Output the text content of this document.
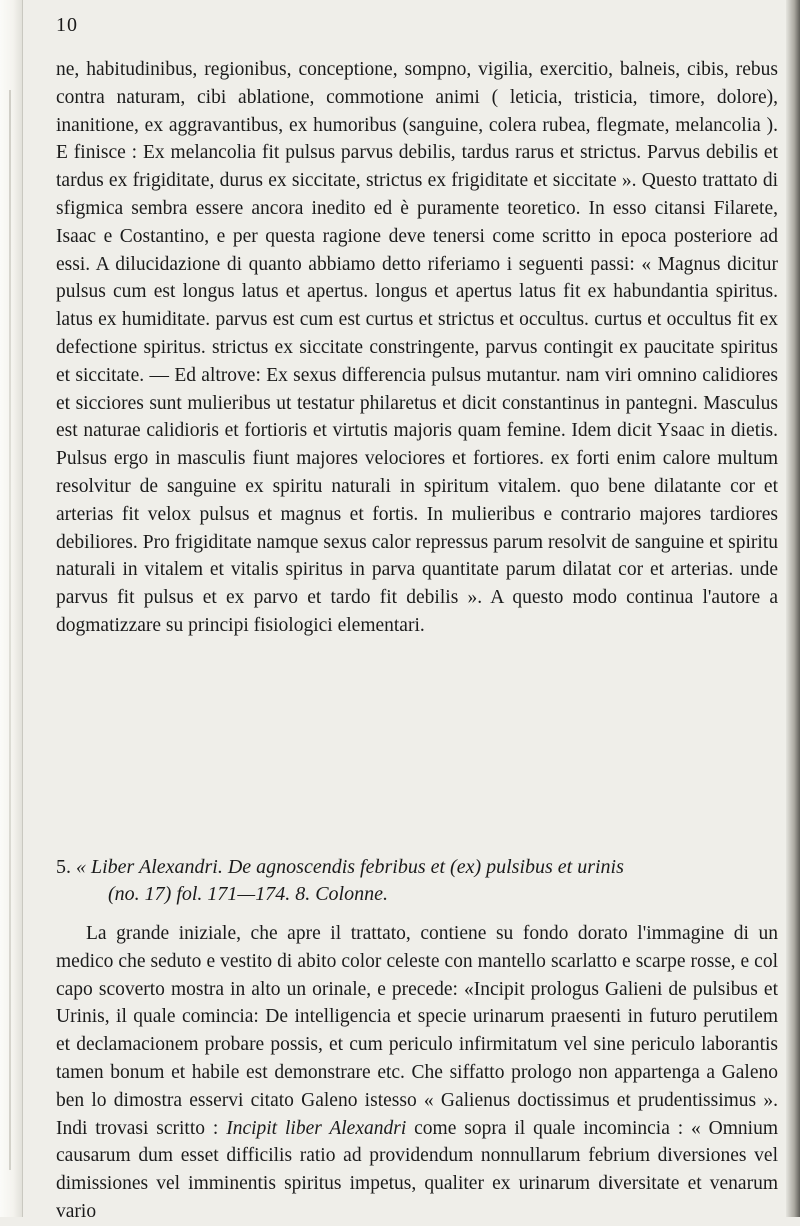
10

ne, habitudinibus, regionibus, conceptione, sompno, vigilia, exercitio, balneis, cibis, rebus contra naturam, cibi ablatione, commotione animi ( leticia, tristicia, timore, dolore), inanitione, ex aggravantibus, ex humoribus (sanguine, colera rubea, flegmate, melancolia ). E finisce : Ex melancolia fit pulsus parvus debilis, tardus rarus et strictus. Parvus debilis et tardus ex frigiditate, durus ex siccitate, strictus ex frigiditate et siccitate ». Questo trattato di sfigmica sembra essere ancora inedito ed è puramente teoretico. In esso citansi Filarete, Isaac e Costantino, e per questa ragione deve tenersi come scritto in epoca posteriore ad essi. A dilucidazione di quanto abbiamo detto riferiamo i seguenti passi: « Magnus dicitur pulsus cum est longus latus et apertus. longus et apertus latus fit ex habundantia spiritus. latus ex humiditate. parvus est cum est curtus et strictus et occultus. curtus et occultus fit ex defectione spiritus. strictus ex siccitate constringente, parvus contingit ex paucitate spiritus et siccitate. — Ed altrove: Ex sexus differencia pulsus mutantur. nam viri omnino calidiores et sicciores sunt mulieribus ut testatur philaretus et dicit constantinus in pantegni. Masculus est naturae calidioris et fortioris et virtutis majoris quam femine. Idem dicit Ysaac in dietis. Pulsus ergo in masculis fiunt majores velociores et fortiores. ex forti enim calore multum resolvitur de sanguine ex spiritu naturali in spiritum vitalem. quo bene dilatante cor et arterias fit velox pulsus et magnus et fortis. In mulieribus e contrario majores tardiores debiliores. Pro frigiditate namque sexus calor repressus parum resolvit de sanguine et spiritu naturali in vitalem et vitalis spiritus in parva quantitate parum dilatat cor et arterias. unde parvus fit pulsus et ex parvo et tardo fit debilis ». A questo modo continua l'autore a dogmatizzare su principi fisiologici elementari.

5. « Liber Alexandri. De agnoscendis febribus et (ex) pulsibus et urinis
(no. 17) fol. 171—174. 8. Colonne.

La grande iniziale, che apre il trattato, contiene su fondo dorato l'immagine di un medico che seduto e vestito di abito color celeste con mantello scarlatto e scarpe rosse, e col capo scoverto mostra in alto un orinale, e precede: «Incipit prologus Galieni de pulsibus et Urinis, il quale comincia: De intelligencia et specie urinarum praesenti in futuro perutilem et declamacionem probare possis, et cum periculo infirmitatum vel sine periculo laborantis tamen bonum et habile est demonstrare etc. Che siffatto prologo non appartenga a Galeno ben lo dimostra esservi citato Galeno istesso « Galienus doctissimus et prudentissimus ». Indi trovasi scritto : Incipit liber Alexandri come sopra il quale incomincia : « Omnium causarum dum esset difficilis ratio ad providendum nonnullarum febrium diversiones vel dimissiones vel imminentis spiritus impetus, qualiter ex urinarum diversitate et venarum vario
